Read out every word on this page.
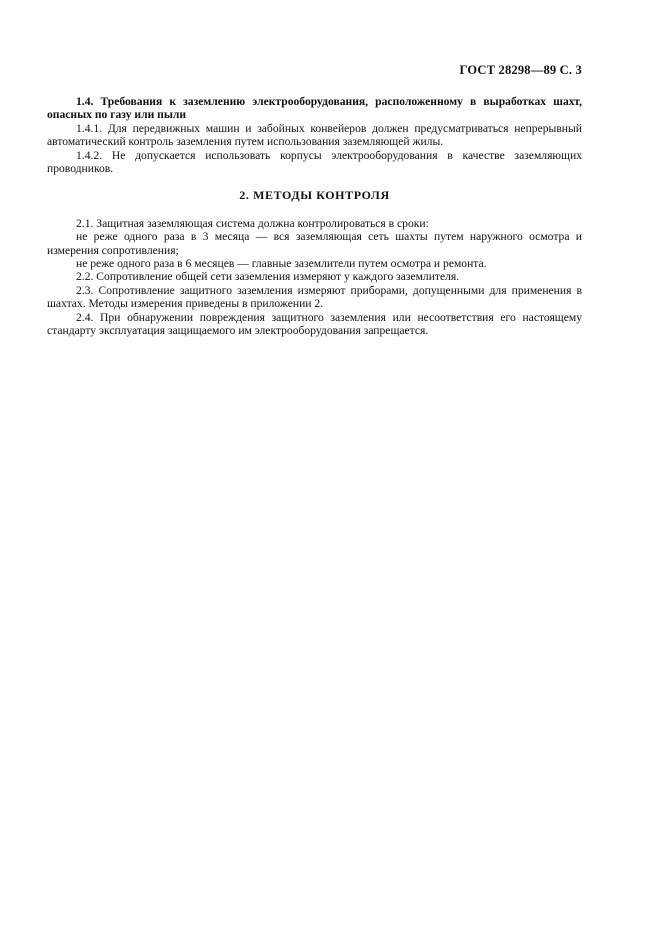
ГОСТ 28298—89 С. 3

1.4. Требования к заземлению электрооборудования, расположенному в выработках шахт, опасных по газу или пыли

1.4.1. Для передвижных машин и забойных конвейеров должен предусматриваться непрерывный автоматический контроль заземления путем использования заземляющей жилы.

1.4.2. Не допускается использовать корпусы электрооборудования в качестве заземляющих проводников.

2. МЕТОДЫ КОНТРОЛЯ

2.1. Защитная заземляющая система должна контролироваться в сроки:

не реже одного раза в 3 месяца — вся заземляющая сеть шахты путем наружного осмотра и измерения сопротивления;

не реже одного раза в 6 месяцев — главные заземлители путем осмотра и ремонта.

2.2. Сопротивление общей сети заземления измеряют у каждого заземлителя.

2.3. Сопротивление защитного заземления измеряют приборами, допущенными для применения в шахтах. Методы измерения приведены в приложении 2.

2.4. При обнаружении повреждения защитного заземления или несоответствия его настоящему стандарту эксплуатация защищаемого им электрооборудования запрещается.
